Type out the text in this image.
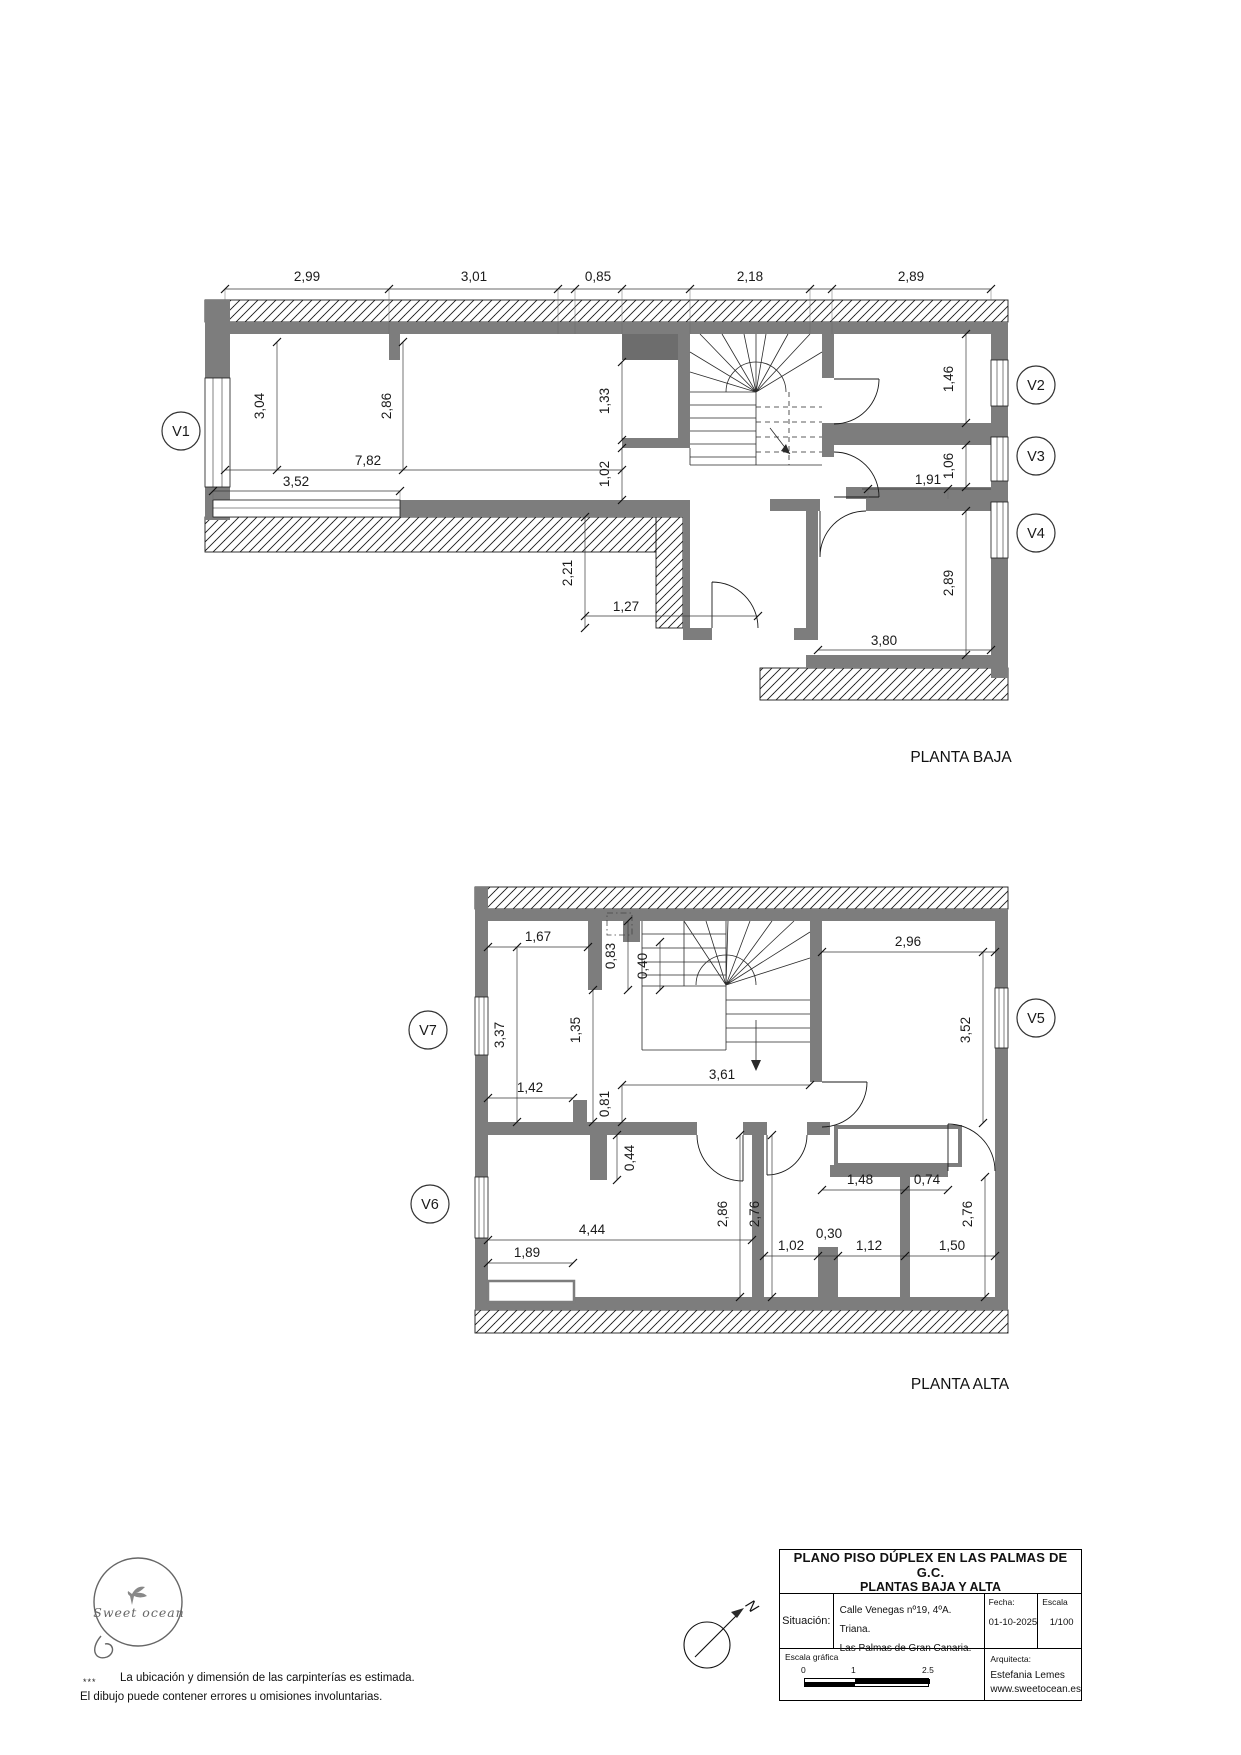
2,99	3,01	0,85	2,18	2,89
3,04	2,86	1,33
1,02
7,82
3,52
1,46
1,06
2,89
1,91
3,80
2,21
1,27
V1
V2
V3
V4
PLANTA BAJA
1,67
0,83 0,40
2,96
3,37	1,35	3,52
1,42
0,81
3,61
0,44
1,48	0,74
2,86 2,76	2,76
4,44
1,89	1,02
0,30
1,12	1,50
V5
V6
V7
PLANTA ALTA
N
Sweet ocean
PLANO PISO DÚPLEX EN LAS PALMAS DE G.C.
PLANTAS BAJA Y ALTA
Situación:
Calle Venegas nº19, 4ºA. Triana.
Las Palmas de Gran Canaria.
Fecha:
01-10-2025
Escala
1/100
Escala gráfica
0	1	2.5
Arquitecta:
Estefania Lemes
www.sweetocean.es
*** La ubicación y dimensión de las carpinterías es estimada.
El dibujo puede contener errores u omisiones involuntarias.
